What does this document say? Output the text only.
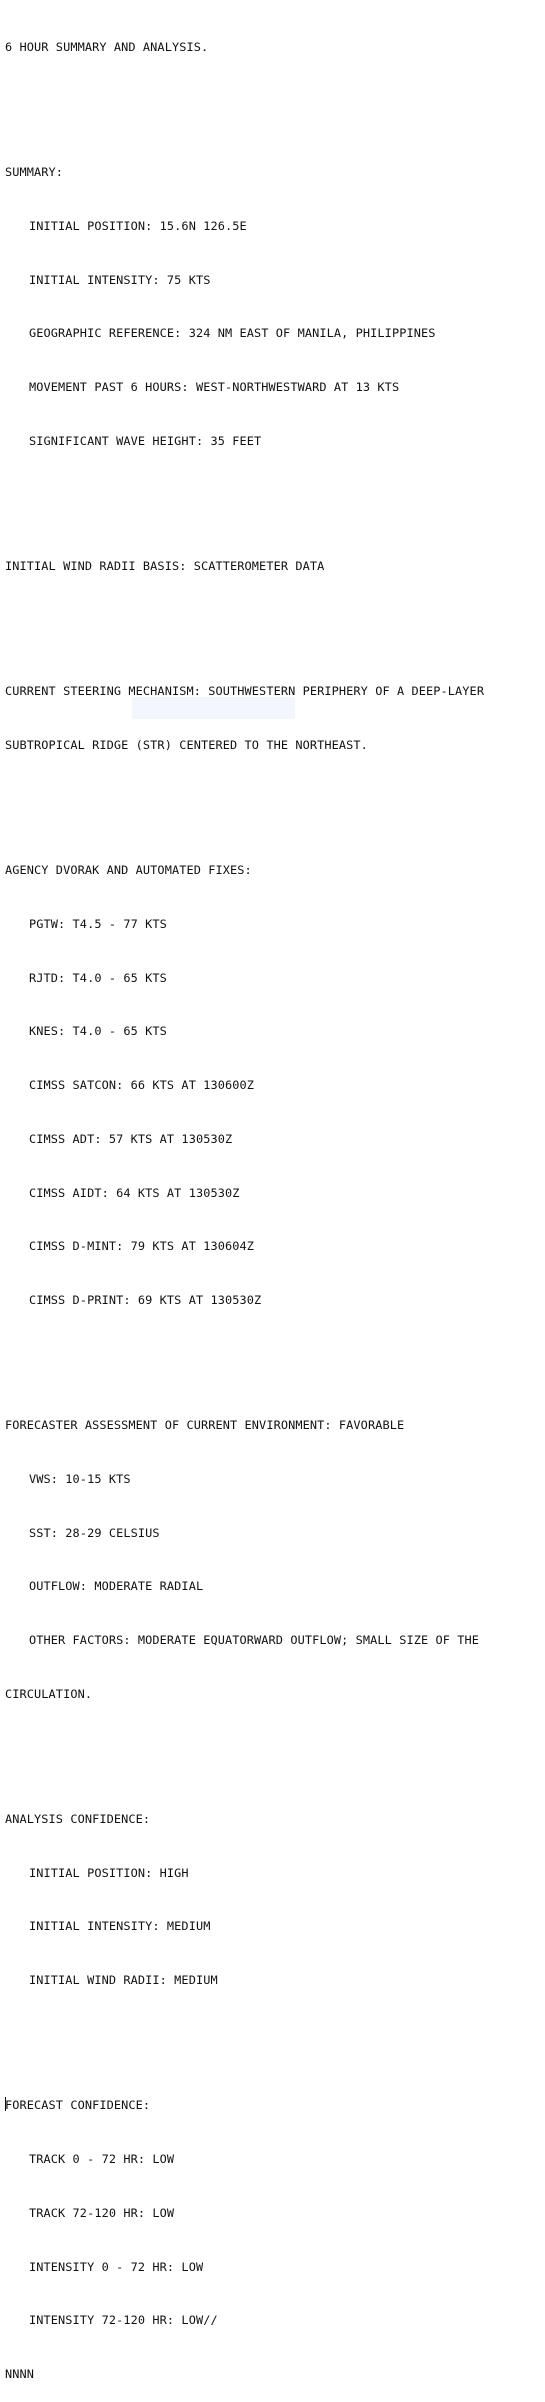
6 HOUR SUMMARY AND ANALYSIS.

SUMMARY:

INITIAL POSITION: 15.6N 126.5E

INITIAL INTENSITY: 75 KTS

GEOGRAPHIC REFERENCE: 324 NM EAST OF MANILA, PHILIPPINES

MOVEMENT PAST 6 HOURS: WEST-NORTHWESTWARD AT 13 KTS

SIGNIFICANT WAVE HEIGHT: 35 FEET

INITIAL WIND RADII BASIS: SCATTEROMETER DATA

CURRENT STEERING MECHANISM: SOUTHWESTERN PERIPHERY OF A DEEP-LAYER

SUBTROPICAL RIDGE (STR) CENTERED TO THE NORTHEAST.

AGENCY DVORAK AND AUTOMATED FIXES:

PGTW: T4.5 - 77 KTS

RJTD: T4.0 - 65 KTS

KNES: T4.0 - 65 KTS

CIMSS SATCON: 66 KTS AT 130600Z

CIMSS ADT: 57 KTS AT 130530Z

CIMSS AIDT: 64 KTS AT 130530Z

CIMSS D-MINT: 79 KTS AT 130604Z

CIMSS D-PRINT: 69 KTS AT 130530Z

FORECASTER ASSESSMENT OF CURRENT ENVIRONMENT: FAVORABLE

VWS: 10-15 KTS

SST: 28-29 CELSIUS

OUTFLOW: MODERATE RADIAL

OTHER FACTORS: MODERATE EQUATORWARD OUTFLOW; SMALL SIZE OF THE

CIRCULATION.

ANALYSIS CONFIDENCE:

INITIAL POSITION: HIGH

INITIAL INTENSITY: MEDIUM

INITIAL WIND RADII: MEDIUM

FORECAST CONFIDENCE:

TRACK 0 - 72 HR: LOW

TRACK 72-120 HR: LOW

INTENSITY 0 - 72 HR: LOW

INTENSITY 72-120 HR: LOW//

NNNN
